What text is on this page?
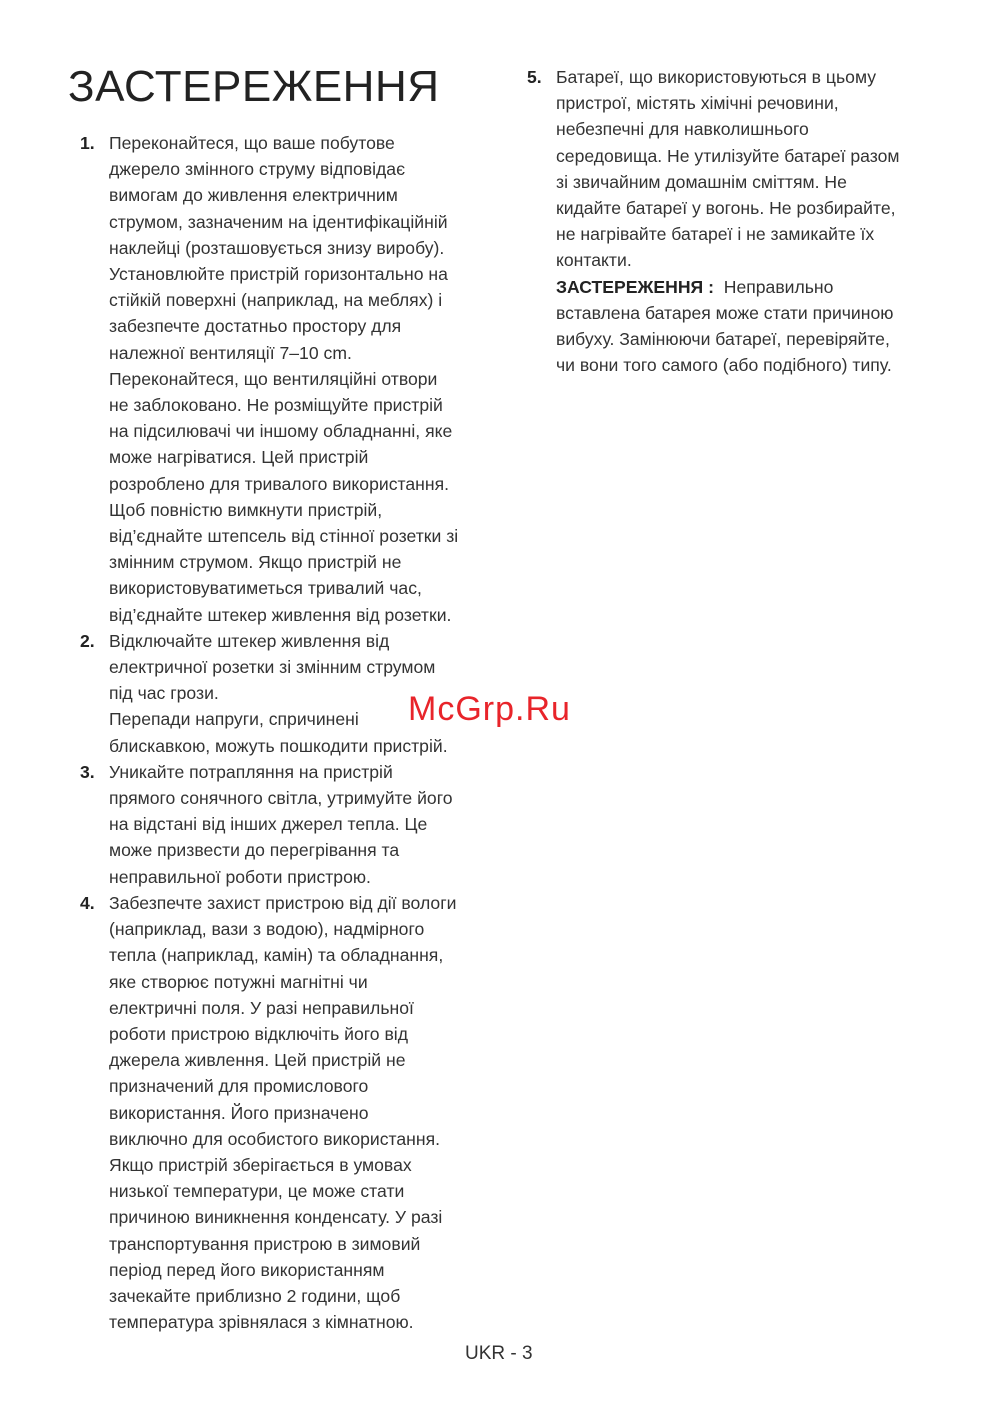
ЗАСТЕРЕЖЕННЯ
1. Переконайтеся, що ваше побутове
джерело змінного струму відповідає
вимогам до живлення електричним
струмом, зазначеним на ідентифікаційній
наклейці (розташовується знизу виробу).
Установлюйте пристрій горизонтально на
стійкій поверхні (наприклад, на меблях) і
забезпечте достатньо простору для
належної вентиляції 7–10 cm.
Переконайтеся, що вентиляційні отвори
не заблоковано. Не розміщуйте пристрій
на підсилювачі чи іншому обладнанні, яке
може нагріватися. Цей пристрій
розроблено для тривалого використання.
Щоб повністю вимкнути пристрій,
від’єднайте штепсель від стінної розетки зі
змінним струмом. Якщо пристрій не
використовуватиметься тривалий час,
від’єднайте штекер живлення від розетки.

2. Відключайте штекер живлення від
електричної розетки зі змінним струмом
під час грози.
Перепади напруги, спричинені
блискавкою, можуть пошкодити пристрій.

3. Уникайте потрапляння на пристрій
прямого сонячного світла, утримуйте його
на відстані від інших джерел тепла. Це
може призвести до перегрівання та
неправильної роботи пристрою.

4. Забезпечте захист пристрою від дії вологи
(наприклад, вази з водою), надмірного
тепла (наприклад, камін) та обладнання,
яке створює потужні магнітні чи
електричні поля. У разі неправильної
роботи пристрою відключіть його від
джерела живлення. Цей пристрій не
призначений для промислового
використання. Його призначено
виключно для особистого використання.
Якщо пристрій зберігається в умовах
низької температури, це може стати
причиною виникнення конденсату. У разі
транспортування пристрою в зимовий
період перед його використанням
зачекайте приблизно 2 години, щоб
температура зрівнялася з кімнатною.

5. Батареї, що використовуються в цьому
пристрої, містять хімічні речовини,
небезпечні для навколишнього
середовища. Не утилізуйте батареї разом
зі звичайним домашнім сміттям. Не
кидайте батареї у вогонь. Не розбирайте,
не нагрівайте батареї і не замикайте їх
контакти.

ЗАСТЕРЕЖЕННЯ : Неправильно
вставлена батарея може стати причиною
вибуху. Замінюючи батареї, перевіряйте,
чи вони того самого (або подібного) типу.

McGrp.Ru
UKR - 3
